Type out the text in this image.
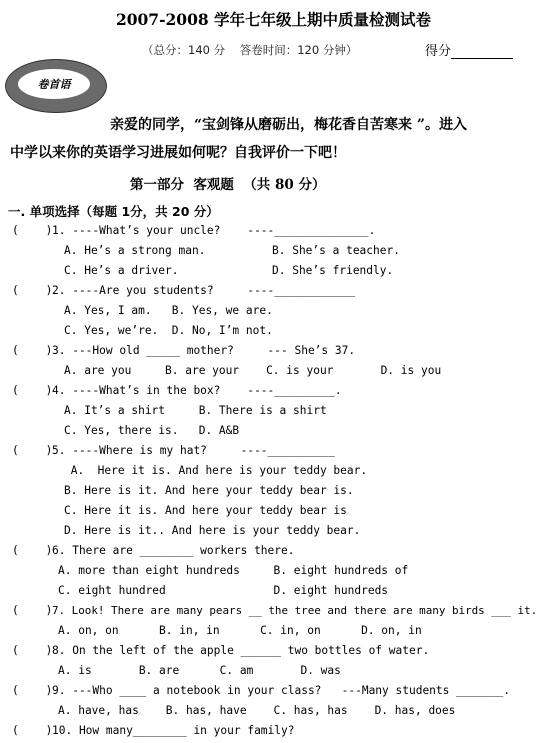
2007-2008 学年七年级上期中质量检测试卷
（总分：140 分    答卷时间：120 分钟）	得分

卷首语

亲爱的同学，“宝剑锋从磨砺出，梅花香自苦寒来 ”。进入
中学以来你的英语学习进展如何呢？自我评价一下吧！
第一部分  客观题  （共 80 分）
一. 单项选择（每题 1分，共 20 分）
(    ) 1. ----What’s your uncle?    ----______________.
A. He’s a strong man.	B. She’s a teacher.
C. He’s a driver.	D. She’s friendly.
(    ) 2. ----Are you students?     ----____________
A. Yes, I am.   B. Yes, we are.
C. Yes, we’re.  D. No, I’m not.
(    ) 3. ---How old _____ mother?     --- She’s 37.
A. are you     B. are your    C. is your       D. is you
(    ) 4. ----What’s in the box?    ----_________.
A. It’s a shirt     B. There is a shirt
C. Yes, there is.   D. A&B
(    ) 5. ----Where is my hat?     ----__________
A.  Here it is. And here is your teddy bear.
B. Here is it. And here your teddy bear is.
C. Here it is. And here your teddy bear is
D. Here is it.. And here is your teddy bear.
(    ) 6. There are ________ workers there.
A. more than eight hundreds     B. eight hundreds of
C. eight hundred                D. eight hundreds
(    ) 7. Look! There are many pears __ the tree and there are many birds ___ it.
A. on, on      B. in, in      C. in, on      D. on, in
(    ) 8. On the left of the apple ______ two bottles of water.
A. is       B. are      C. am       D. was
(    ) 9. ---Who ____ a notebook in your class?   ---Many students _______.
A. have, has    B. has, have    C. has, has    D. has, does
(    ) 10. How many________ in your family?
